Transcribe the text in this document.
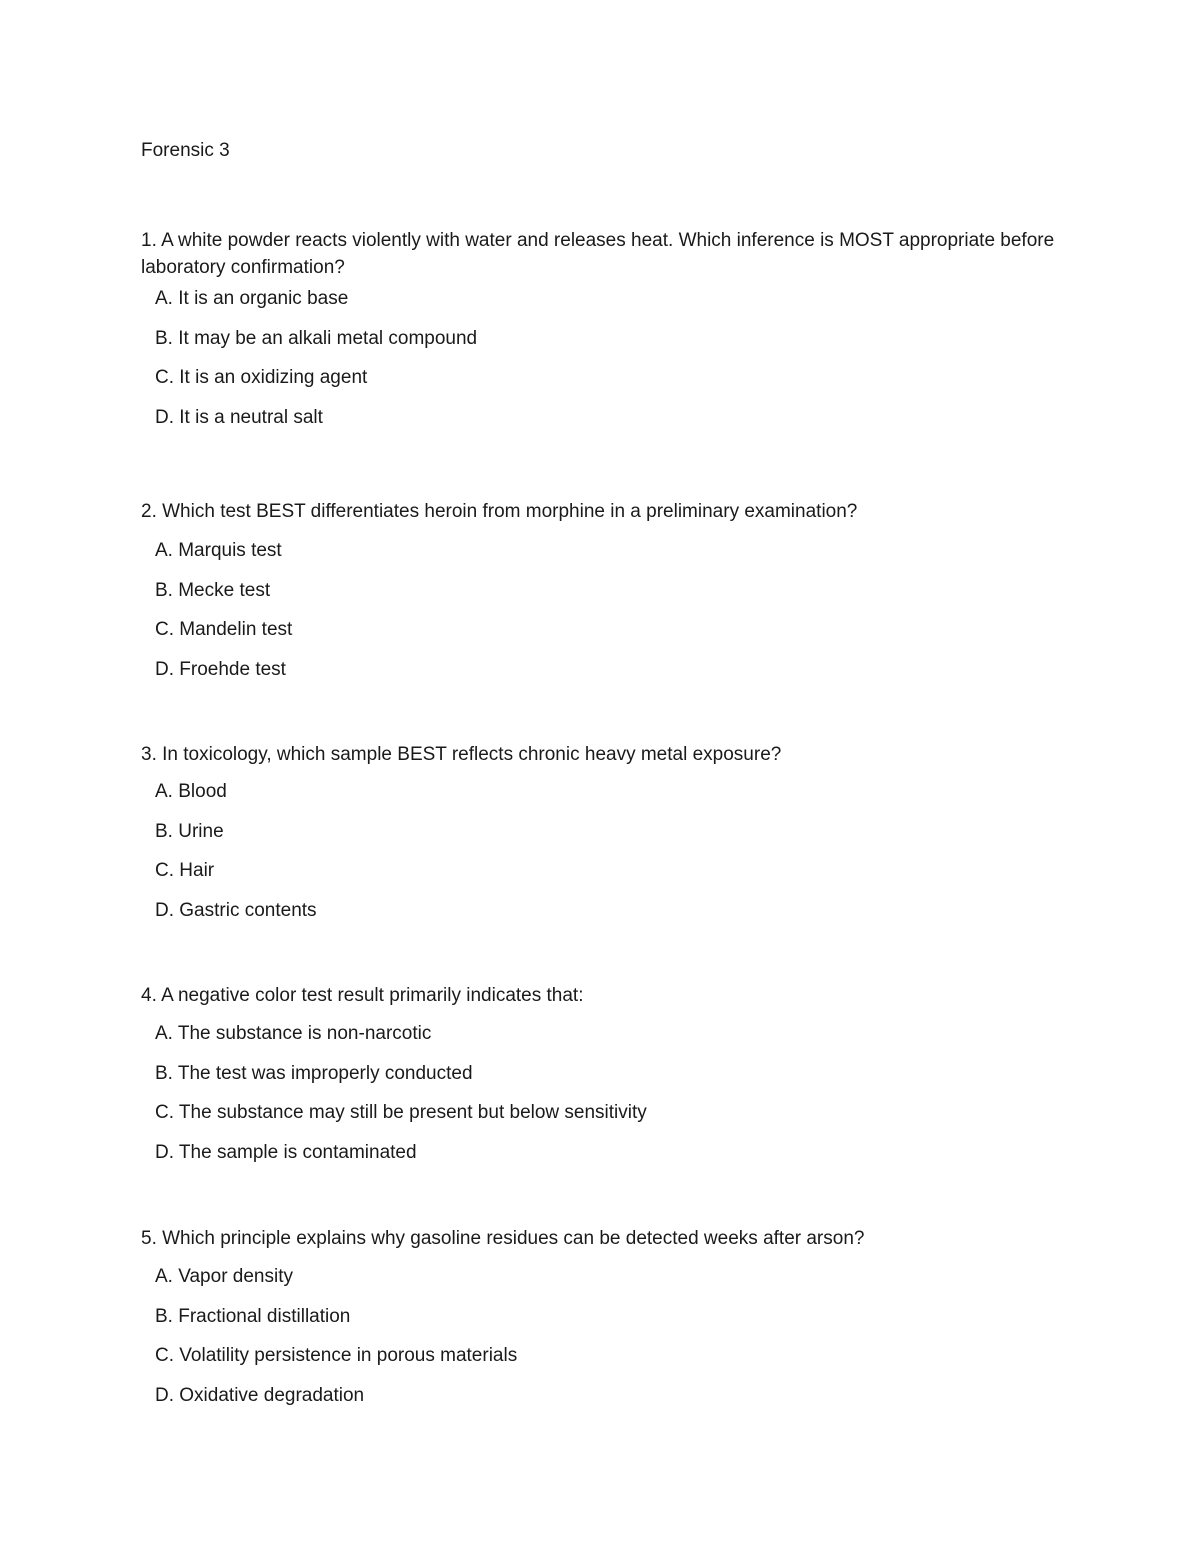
Forensic 3

1. A white powder reacts violently with water and releases heat. Which inference is MOST appropriate before laboratory confirmation?

A. It is an organic base
B. It may be an alkali metal compound
C. It is an oxidizing agent
D. It is a neutral salt

2. Which test BEST differentiates heroin from morphine in a preliminary examination?

A. Marquis test
B. Mecke test
C. Mandelin test
D. Froehde test

3. In toxicology, which sample BEST reflects chronic heavy metal exposure?

A. Blood
B. Urine
C. Hair
D. Gastric contents

4. A negative color test result primarily indicates that:

A. The substance is non-narcotic
B. The test was improperly conducted
C. The substance may still be present but below sensitivity
D. The sample is contaminated

5. Which principle explains why gasoline residues can be detected weeks after arson?

A. Vapor density
B. Fractional distillation
C. Volatility persistence in porous materials
D. Oxidative degradation
